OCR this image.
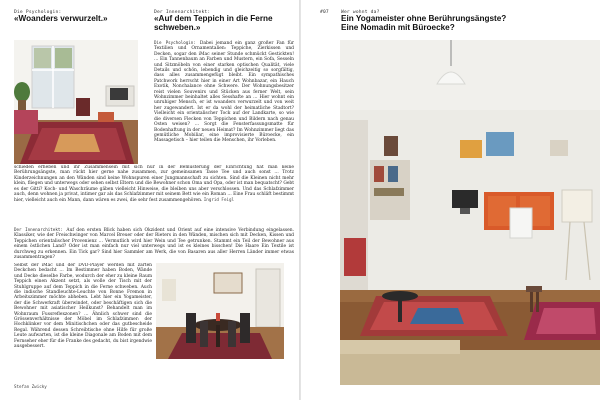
Die Psychologin:
«Woanders verwurzelt.»
Der Innenarchitekt:
«Auf dem Teppich in die Ferne schweben.»
Die Psychologin: Dabei jemand ein ganz großer Fan für Textilien und Ornamentalien: Teppiche, Zierkissen und Decken, sogar den iMac seiner Stunde schmückt Gestickten! … Ein Tannenbaum an Farben und Mustern, ein Sofa, Sesseln und Sitzmöbeln von einer starken optischen Qualität, viele Details und schön, lebendig und gleichzeitig so sorgfältig, dass alles zusammengefügt bleibt. Ein sympathisches Patchwork herrscht hier in einer Art Wohnbazar, ein Hauch Exotik, Nonchalance ohne Schwere. Der Wohnungsbesitzer reist vielen Souvenirs und Stücken aus ferner Welt, sein Wohnzimmer beinhaltet alles Sesshafte an … Hier wohnt ein unruhiger Mensch, er ist woanders verwurzelt und von weit her zugewandert. Ist er da wohl der heimatliche Stadtort? Vielleicht ein orientalischer Tock auf der Landkarte, so wie die diversen Flecken von Teppichen und Bildern nach genau Osten weisen? … Sorgt die Fensterfassungsmatte für Bodenhaftung in der neuen Heimat? Im Wohnzimmer liegt das gemütliche Mobiliar, eine improvisierte Büroecke, ein Massagetisch – hier teilen die Menschen, ihr Vorleben.
schieden erheben und ihr Zusammensein mit sich nur in der Bemusterung der Einrichtung hat man keine Berührungsängste, man rückt hier gerne nahe zusammen, zur gemeinsamen Tasse Tee und auch sonst … Trotz Kinderzeichnungen an den Wänden sind keine Wohnspuren einer Jungmannschaft zu sichten. Sind die Kleinen nicht mehr klein, fliegen und unterwegs oder sehen selbst Eltern und die Bewohner schon Oma und Opa, oder ist man bequatscht? Gebt es der Gitti? Koch- und Waschräume gäben vielleicht Hinweise, die bleiben uns aber verschlossen. Und das Schlafzimmer auch, denn wohnen ja privat, intimer gar als das Schlafzimmer mit seinem Bett wie ein Roman … Eine Frau schläft bestimmt hier, vielleicht auch ein Mann, dann wären es zwei, die sehr fest zusammengehören. Ingrid Feigl
Der Innenarchitekt: Auf den ersten Blick haben sich Okzident und Orient auf eine intensive Verbindung eingelassen. Klassiker, wie der Freischwinger von Marcel Breuer oder der Rieters in den Wänden, mischen sich mit Decken, Kissen und Teppichen orientalischer Provenienz … Vermutlich wird hier Wein und Tee getrunken. Stammt ein Teil der Bewohner aus einem östlichen Land? Oder ist man einfach nur viel unterwegs und ist es kleines bisschen! Die Haare Ein Textile ist durchweg zu erkennen. Ein Tick gar? Sind hier Sammler am Werk, die von Basaren aus aller Herren Länder immer etwas zusammentragen?
Selbst der iMac und der DVD-Player werden mit zarten Deckchen bedacht … Im Bestimmer haben Boden, Wände und Decke dieselbe Farbe, wodurch der eher zu kleine Raum Teppich einen Akzent setzt, als wolle der Tisch mit der Stuhlgruppe auf dem Teppich in die Ferne schweben. Auch die indische Standleuchte-Leuchte von Bonne Fremon in Arbeitszimmer möchte abheben. Lebt hier ein Yogameister, der die Schwerkraft überwindet, oder beschäftigen sich die Bewohner mit asiatischer Heilkunst? Behandelt man im Wohnraum Fussreflexzonen? … Ähnlich schwer sind die Grössenverhältnisse der Möbel im Schlafzimmer: der Hochklinker vor dem Minitischchen oder das gutbescheide Regal. Während dessen Schreibtische ohne Hilfe für große Leute aufwarten, ist die kleine Diagonale am Boden mit dem Fernseher eher für die Franke des gedacht, du bist irgendwie ausgebessert.
Stefan Zwicky
#07	Wer wohnt da?
Ein Yogameister ohne Berührungsängste?
Eine Nomadin mit Büroecke?
